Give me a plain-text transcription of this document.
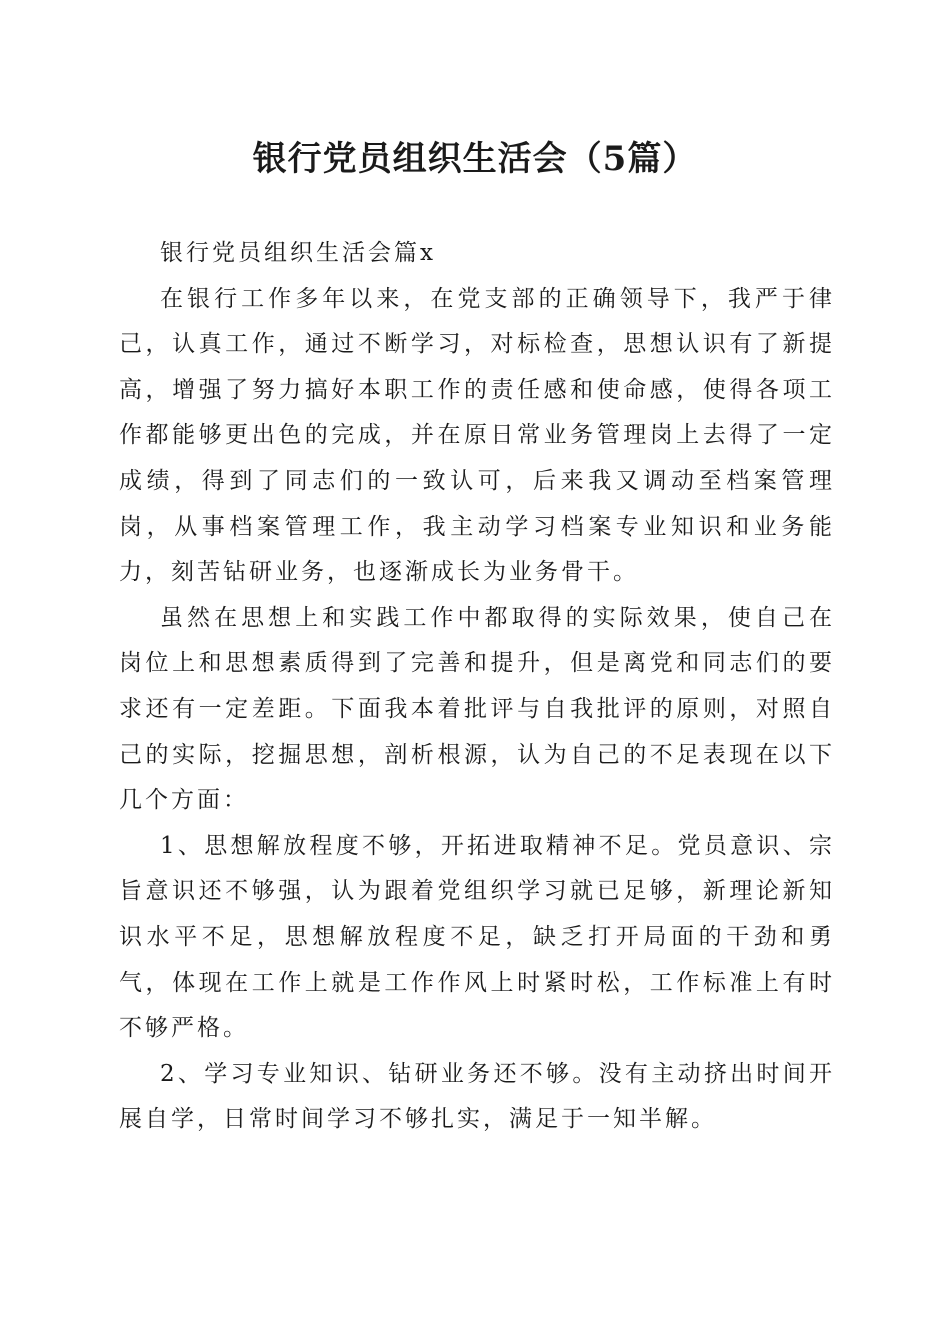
银行党员组织生活会（5篇）

银行党员组织生活会篇x

在银行工作多年以来，在党支部的正确领导下，我严于律己，认真工作，通过不断学习，对标检查，思想认识有了新提高，增强了努力搞好本职工作的责任感和使命感，使得各项工作都能够更出色的完成，并在原日常业务管理岗上去得了一定成绩，得到了同志们的一致认可，后来我又调动至档案管理岗，从事档案管理工作，我主动学习档案专业知识和业务能力，刻苦钻研业务，也逐渐成长为业务骨干。

虽然在思想上和实践工作中都取得的实际效果，使自己在岗位上和思想素质得到了完善和提升，但是离党和同志们的要求还有一定差距。下面我本着批评与自我批评的原则，对照自己的实际，挖掘思想，剖析根源，认为自己的不足表现在以下几个方面：

1、思想解放程度不够，开拓进取精神不足。党员意识、宗旨意识还不够强，认为跟着党组织学习就已足够，新理论新知识水平不足，思想解放程度不足，缺乏打开局面的干劲和勇气，体现在工作上就是工作作风上时紧时松，工作标准上有时不够严格。

2、学习专业知识、钻研业务还不够。没有主动挤出时间开展自学，日常时间学习不够扎实，满足于一知半解。
